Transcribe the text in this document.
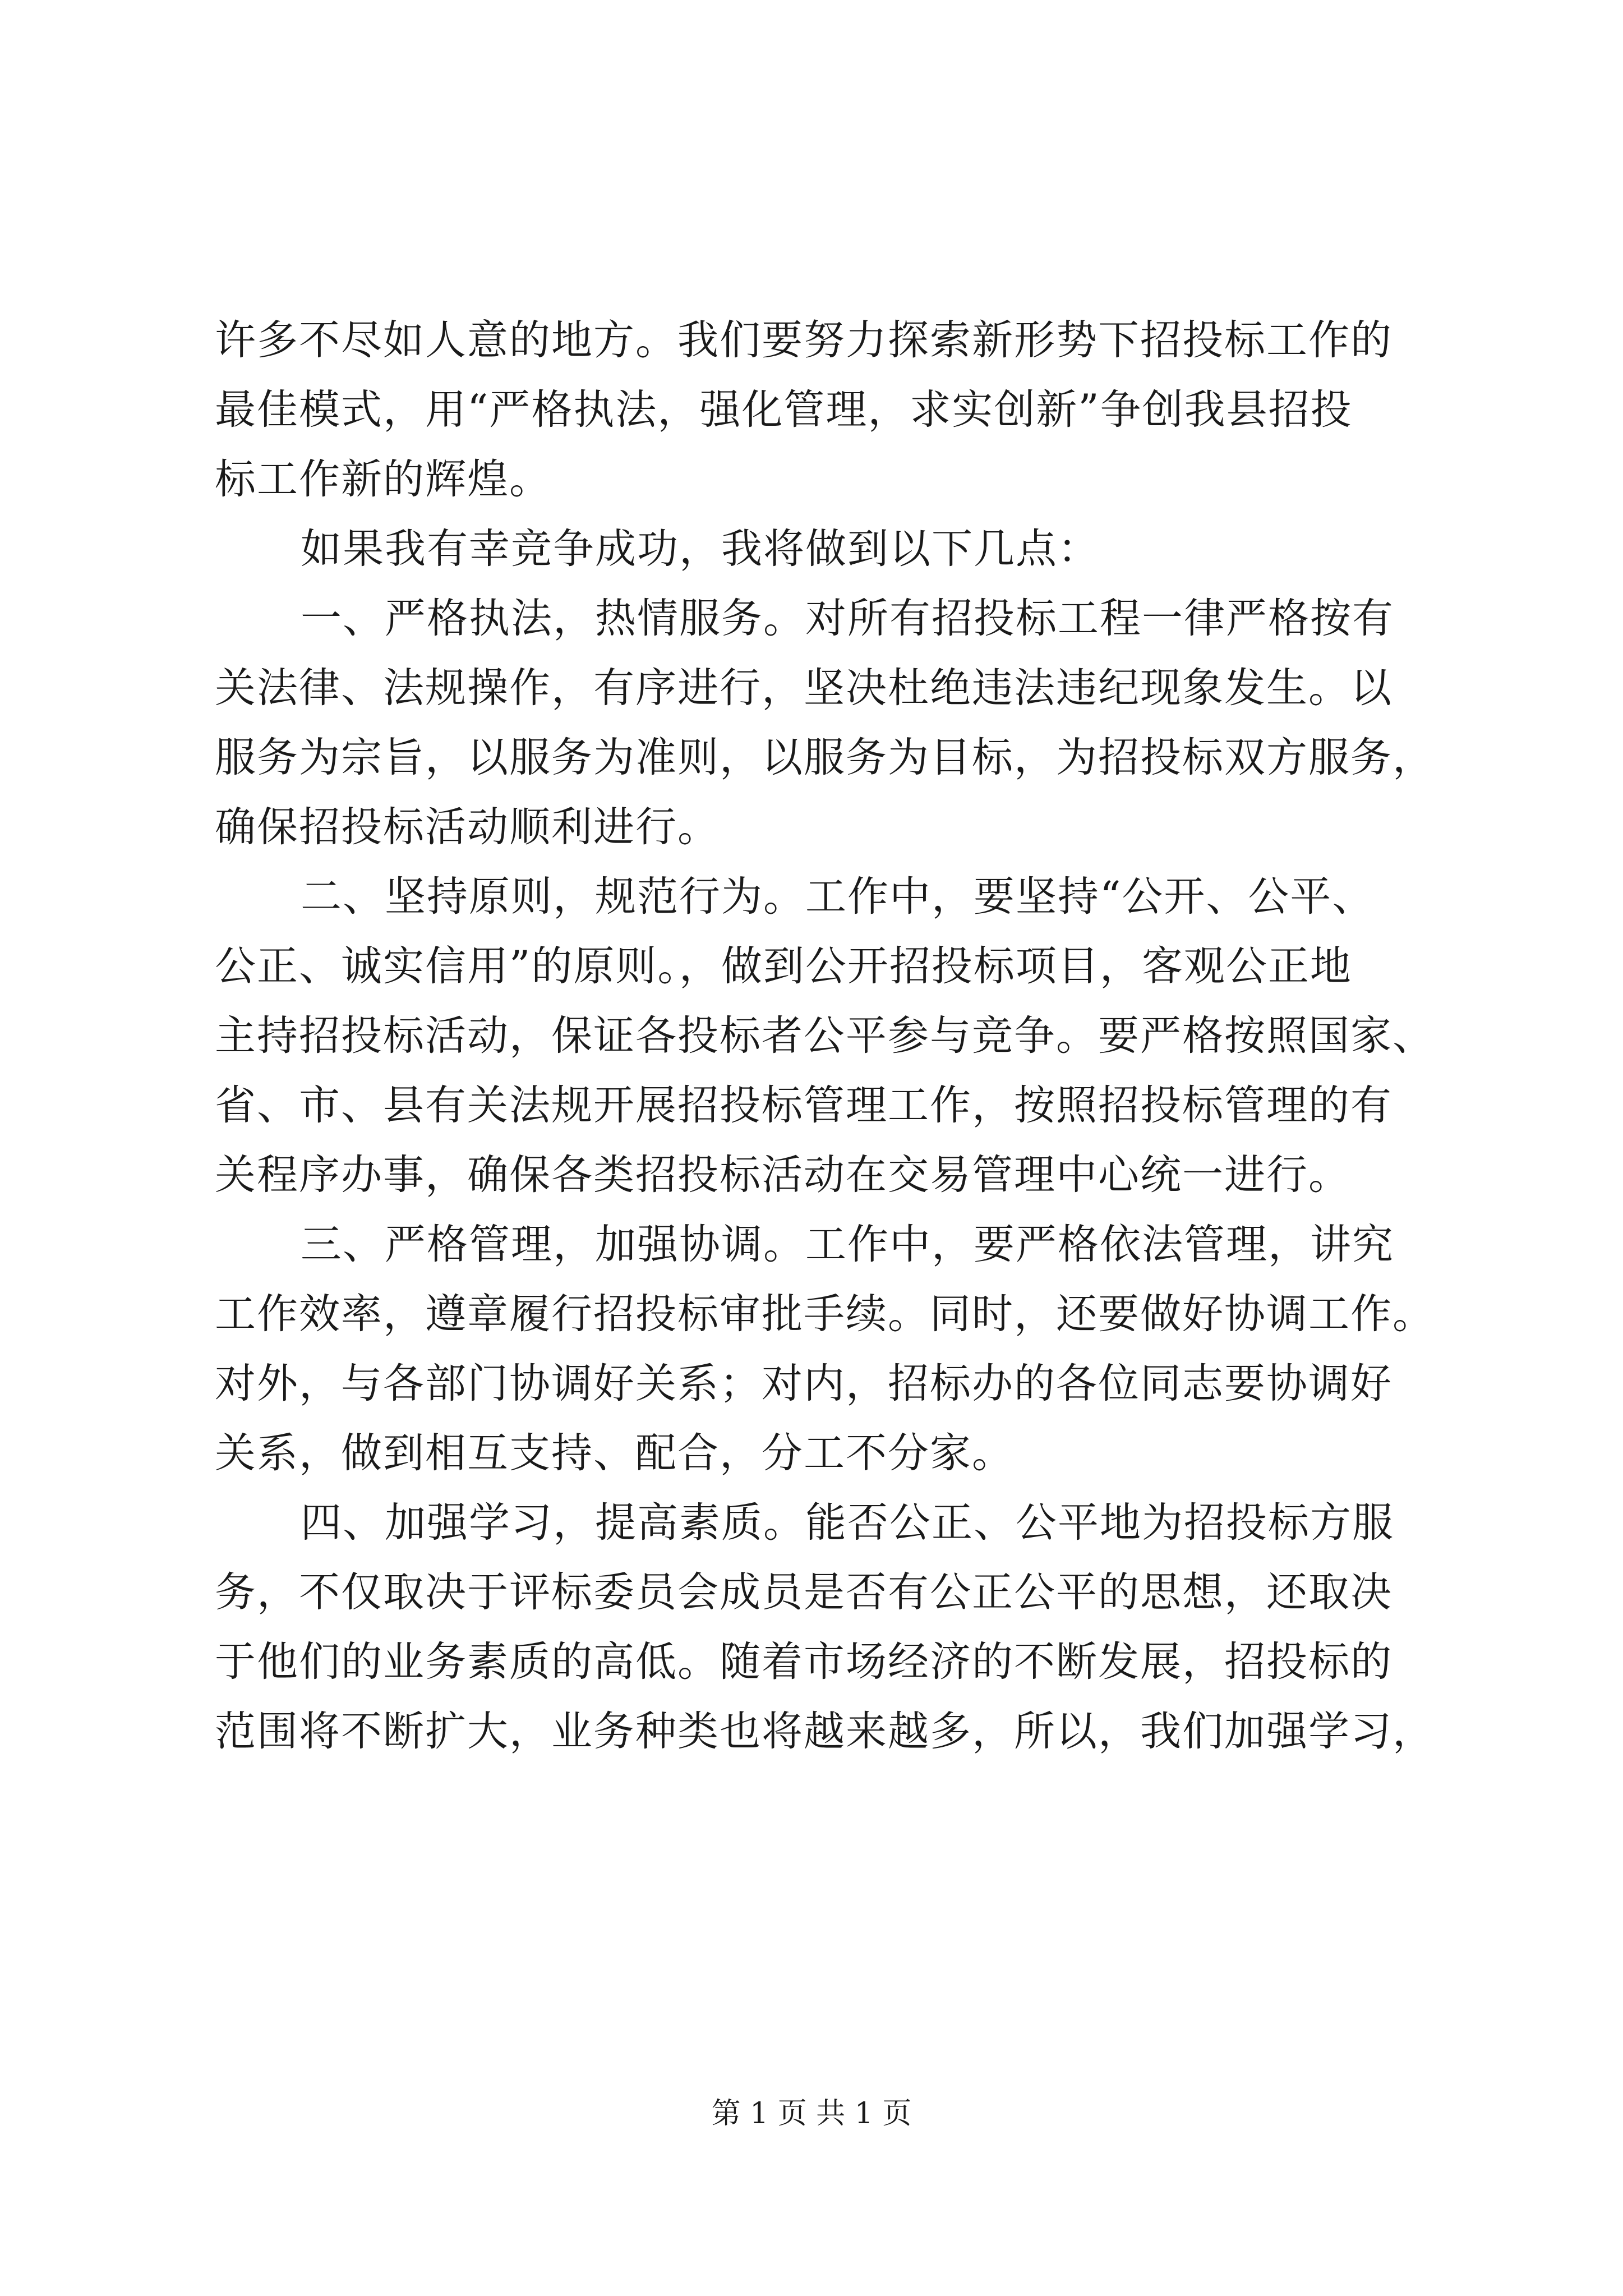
许多不尽如人意的地方。我们要努力探索新形势下招投标工作的
最佳模式，用“严格执法，强化管理，求实创新”争创我县招投
标工作新的辉煌。
如果我有幸竞争成功，我将做到以下几点：
一、严格执法，热情服务。对所有招投标工程一律严格按有
关法律、法规操作，有序进行，坚决杜绝违法违纪现象发生。以
服务为宗旨，以服务为准则，以服务为目标，为招投标双方服务，
确保招投标活动顺利进行。
二、坚持原则，规范行为。工作中，要坚持“公开、公平、
公正、诚实信用”的原则。，做到公开招投标项目，客观公正地
主持招投标活动，保证各投标者公平参与竞争。要严格按照国家、
省、市、县有关法规开展招投标管理工作，按照招投标管理的有
关程序办事，确保各类招投标活动在交易管理中心统一进行。
三、严格管理，加强协调。工作中，要严格依法管理，讲究
工作效率，遵章履行招投标审批手续。同时，还要做好协调工作。
对外，与各部门协调好关系；对内，招标办的各位同志要协调好
关系，做到相互支持、配合，分工不分家。
四、加强学习，提高素质。能否公正、公平地为招投标方服
务，不仅取决于评标委员会成员是否有公正公平的思想，还取决
于他们的业务素质的高低。随着市场经济的不断发展，招投标的
范围将不断扩大，业务种类也将越来越多，所以，我们加强学习，
第 1 页 共 1 页
